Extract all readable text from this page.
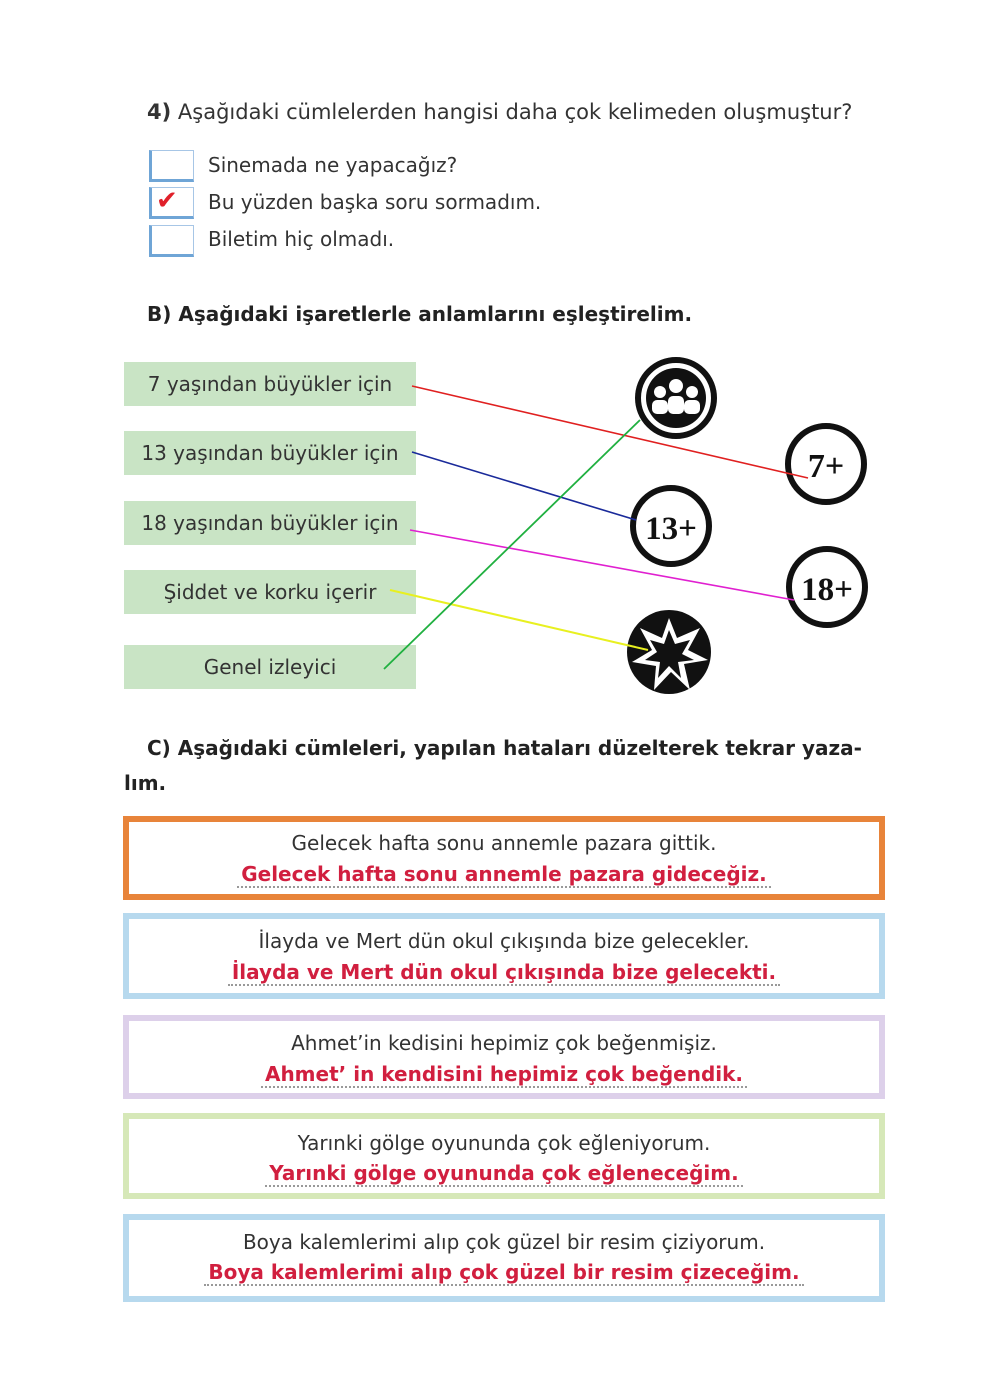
4) Aşağıdaki cümlelerden hangisi daha çok kelimeden oluşmuştur?
Sinemada ne yapacağız?
✔ Bu yüzden başka soru sormadım.
Biletim hiç olmadı.
B) Aşağıdaki işaretlerle anlamlarını eşleştirelim.
7 yaşından büyükler için
13 yaşından büyükler için
18 yaşından büyükler için
Şiddet ve korku içerir
Genel izleyici
7+
13+
18+
C) Aşağıdaki cümleleri, yapılan hataları düzelterek tekrar yaza-
lım.
Gelecek hafta sonu annemle pazara gittik.
Gelecek hafta sonu annemle pazara gideceğiz.
İlayda ve Mert dün okul çıkışında bize gelecekler.
İlayda ve Mert dün okul çıkışında bize gelecekti.
Ahmet’in kedisini hepimiz çok beğenmişiz.
Ahmet’ in kendisini hepimiz çok beğendik.
Yarınki gölge oyununda çok eğleniyorum.
Yarınki gölge oyununda çok eğleneceğim.
Boya kalemlerimi alıp çok güzel bir resim çiziyorum.
Boya kalemlerimi alıp çok güzel bir resim çizeceğim.
